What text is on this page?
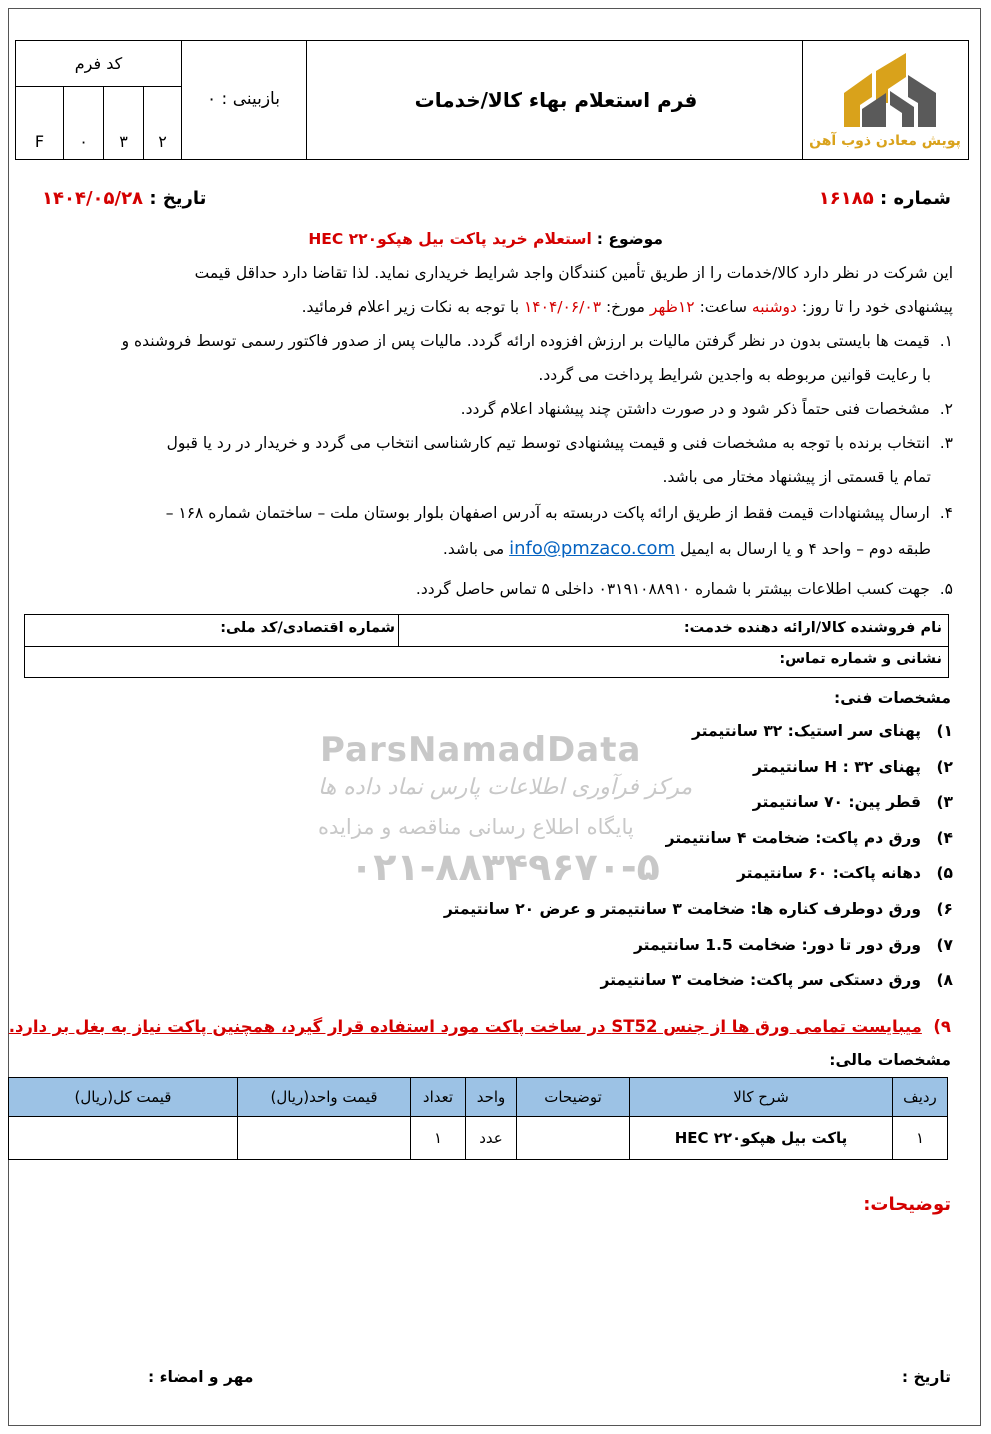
ParsNamadData
مرکز فرآوری اطلاعات پارس نماد داده ها
پایگاه اطلاع رسانی مناقصه و مزایده
۰۲۱-۸۸۳۴۹۶۷۰-۵
کد فرم
F	۰	۳	۲
بازبینی : ۰	فرم استعلام بهاء کالا/خدمات
پویش معادن ذوب آهن
شماره : ۱۶۱۸۵
تاریخ : ۱۴۰۴/۰۵/۲۸
موضوع : استعلام خرید پاکت بیل هپکو۲۲۰ HEC
این شرکت در نظر دارد کالا/خدمات را از طریق تأمین کنندگان واجد شرایط خریداری نماید. لذا تقاضا دارد حداقل قیمت
پیشنهادی خود را تا روز: دوشنبه ساعت: ۱۲ظهر مورخ: ۱۴۰۴/۰۶/۰۳ با توجه به نکات زیر اعلام فرمائید.
۱.  قیمت ها بایستی بدون در نظر گرفتن مالیات بر ارزش افزوده ارائه گردد. مالیات پس از صدور فاکتور رسمی توسط فروشنده و
با رعایت قوانین مربوطه به واجدین شرایط پرداخت می گردد.
۲.  مشخصات فنی حتماً ذکر شود و در صورت داشتن چند پیشنهاد اعلام گردد.
۳.  انتخاب برنده با توجه به مشخصات فنی و قیمت پیشنهادی توسط تیم کارشناسی انتخاب می گردد و خریدار در رد یا قبول
تمام یا قسمتی از پیشنهاد مختار می باشد.
۴.  ارسال پیشنهادات قیمت فقط از طریق ارائه پاکت دربسته به آدرس اصفهان بلوار بوستان ملت – ساختمان شماره ۱۶۸ –
طبقه دوم – واحد ۴ و یا ارسال به ایمیل info@pmzaco.com می باشد.
۵.  جهت کسب اطلاعات بیشتر با شماره ۰۳۱۹۱۰۸۸۹۱۰ داخلی ۵ تماس حاصل گردد.
نام فروشنده کالا/ارائه دهنده خدمت:
شماره اقتصادی/کد ملی:
نشانی و شماره تماس:
مشخصات فنی:
۱)پهنای سر استیک: ۳۲ سانتیمتر
۲)پهنای H : ۳۲ سانتیمتر
۳)قطر پین: ۷۰ سانتیمتر
۴)ورق دم پاکت: ضخامت ۴ سانتیمتر
۵)دهانه پاکت: ۶۰ سانتیمتر
۶)ورق دوطرف کناره ها: ضخامت ۳ سانتیمتر و عرض ۲۰ سانتیمتر
۷)ورق دور تا دور: ضخامت 1.5 سانتیمتر
۸)ورق دستکی سر پاکت: ضخامت ۳ سانتیمتر
۹)  میبایست تمامی ورق ها از جنس ST52 در ساخت پاکت مورد استفاده قرار گیرد، همچنین پاکت نیاز به بغل بر دارد.
مشخصات مالی:
ردیف	شرح کالا	توضیحات	واحد	تعداد	قیمت واحد(ریال)	قیمت کل(ریال)
۱	پاکت بیل هپکو۲۲۰ HEC		عدد	۱		
توضیحات:
تاریخ :
مهر و امضاء :
